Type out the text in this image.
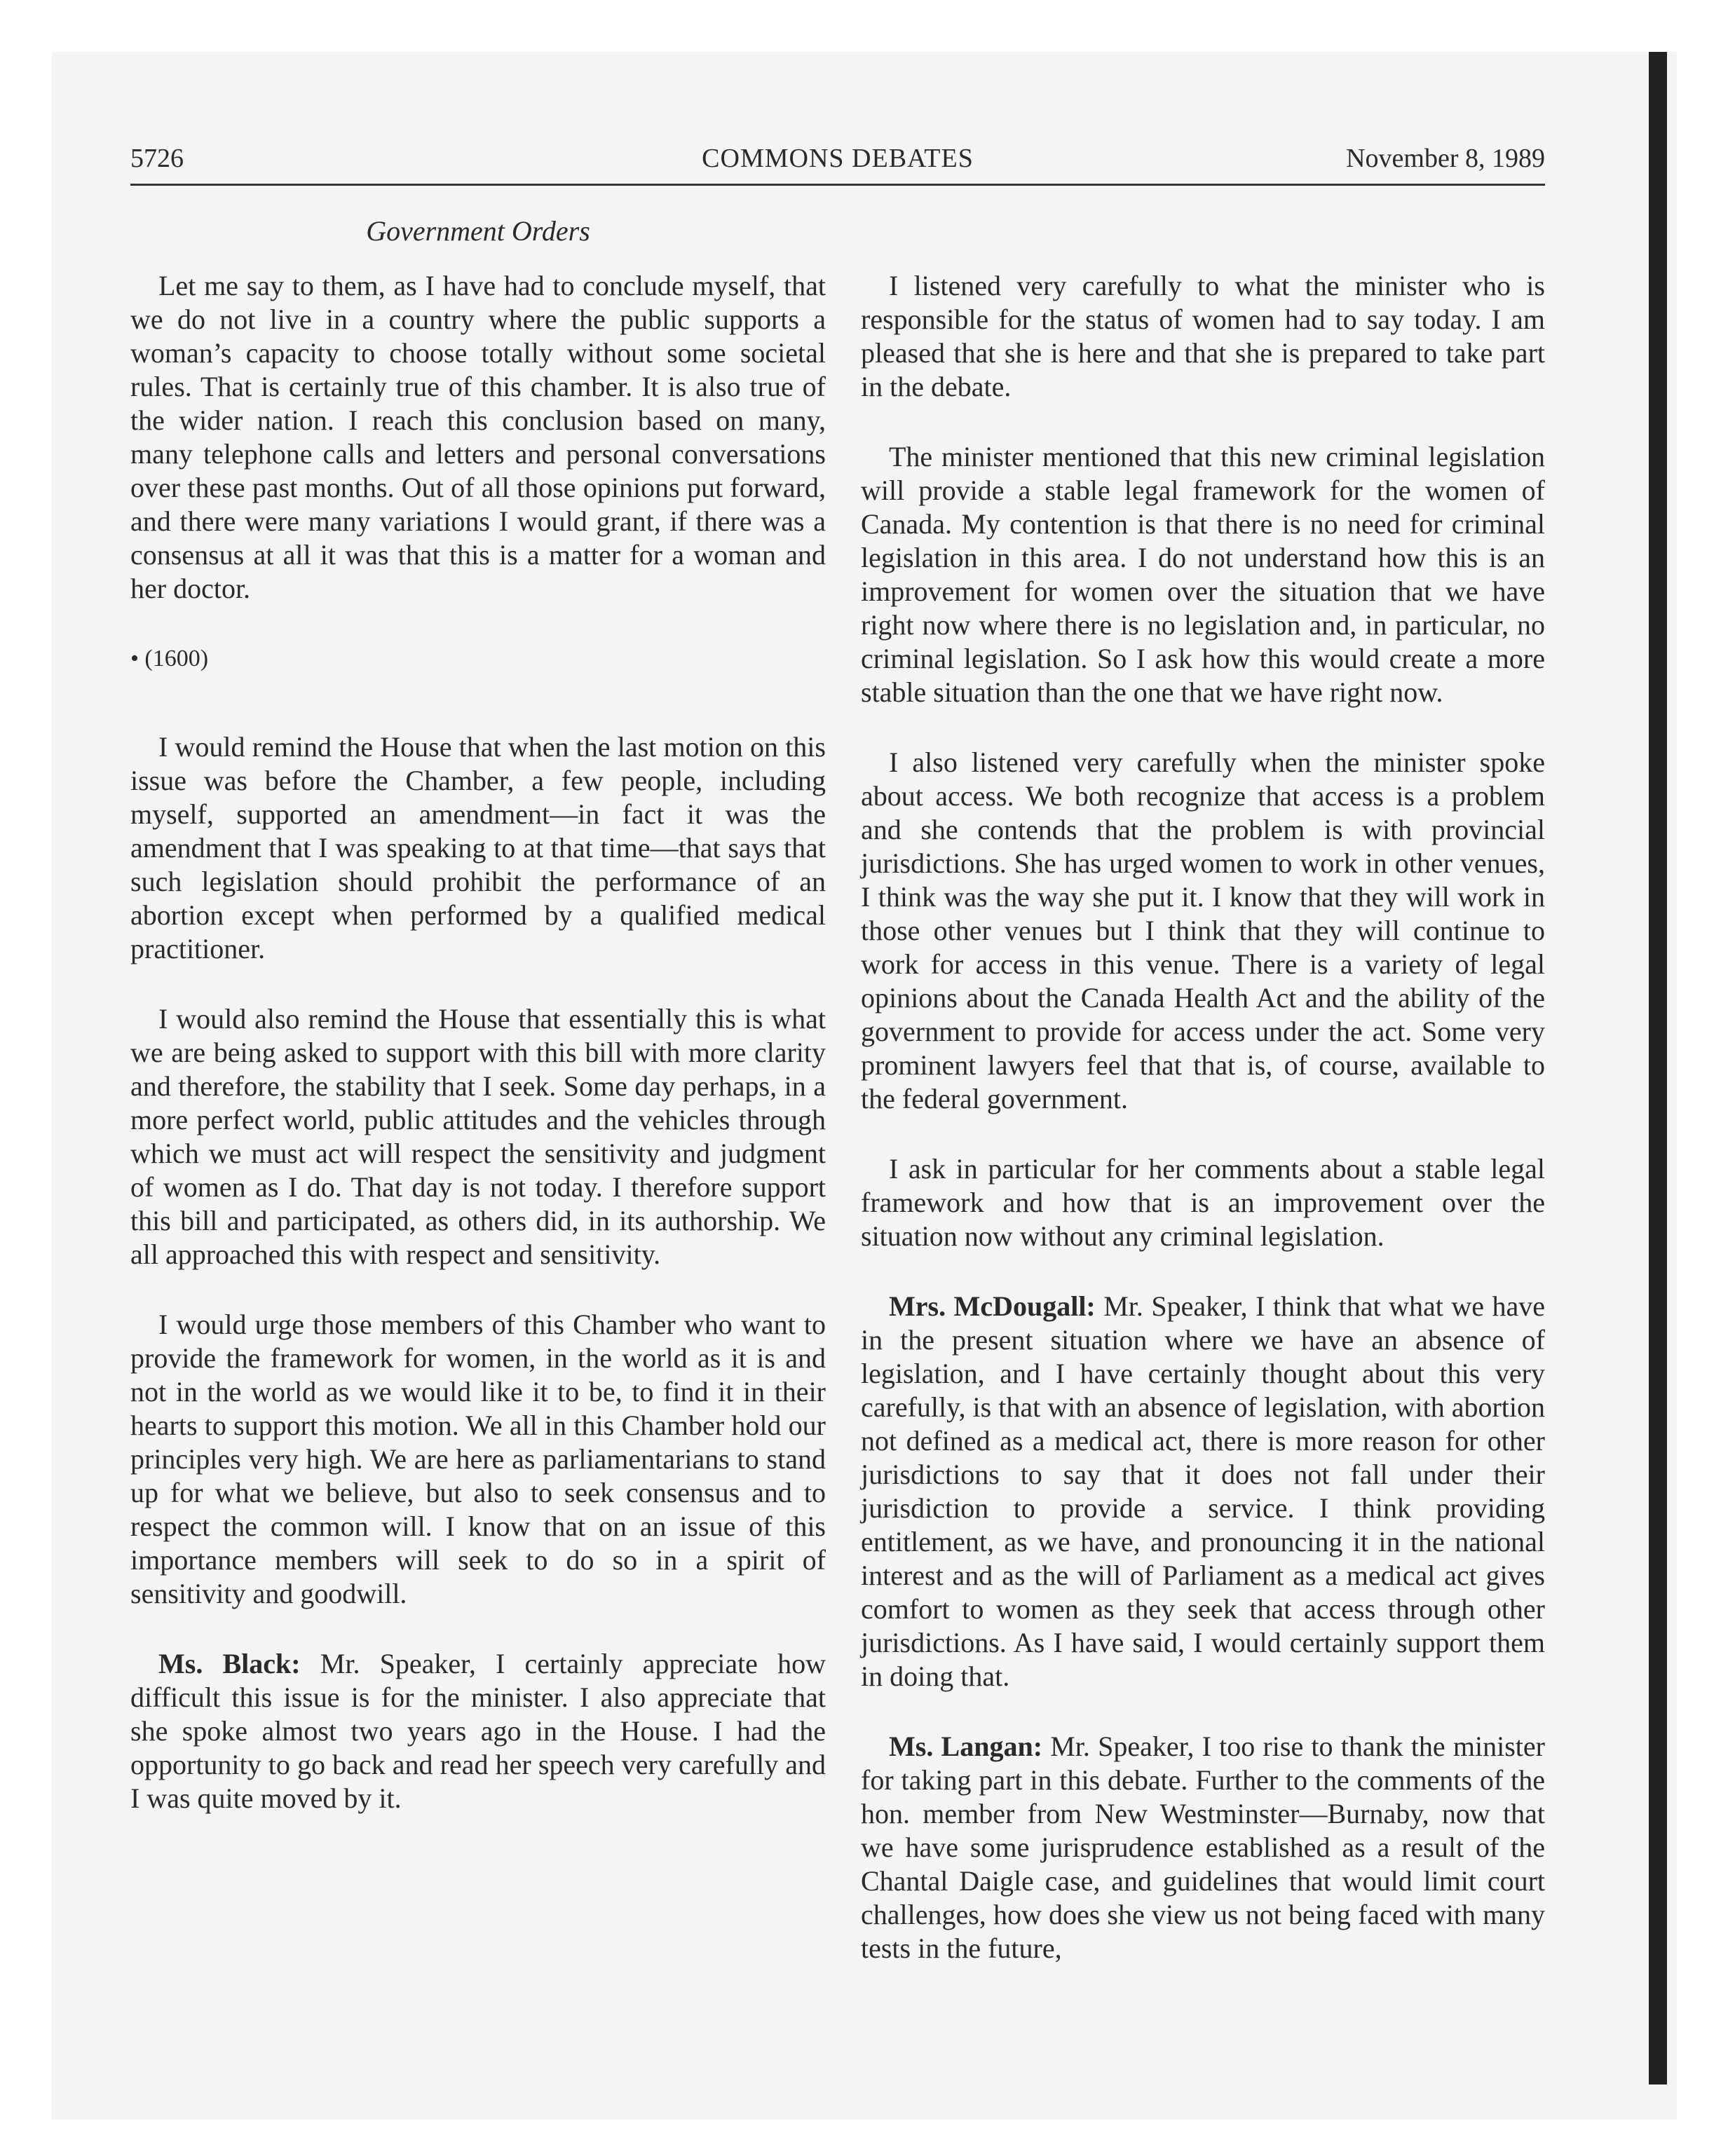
5726	COMMONS DEBATES	November 8, 1989
Government Orders

Let me say to them, as I have had to conclude myself, that we do not live in a country where the public supports a woman’s capacity to choose totally without some societal rules. That is certainly true of this chamber. It is also true of the wider nation. I reach this conclusion based on many, many telephone calls and letters and personal conversations over these past months. Out of all those opinions put forward, and there were many variations I would grant, if there was a consensus at all it was that this is a matter for a woman and her doctor.

• (1600)

I would remind the House that when the last motion on this issue was before the Chamber, a few people, including myself, supported an amendment—in fact it was the amendment that I was speaking to at that time—that says that such legislation should prohibit the performance of an abortion except when performed by a qualified medical practitioner.

I would also remind the House that essentially this is what we are being asked to support with this bill with more clarity and therefore, the stability that I seek. Some day perhaps, in a more perfect world, public attitudes and the vehicles through which we must act will respect the sensitivity and judgment of women as I do. That day is not today. I therefore support this bill and participated, as others did, in its authorship. We all approached this with respect and sensitivity.

I would urge those members of this Chamber who want to provide the framework for women, in the world as it is and not in the world as we would like it to be, to find it in their hearts to support this motion. We all in this Chamber hold our principles very high. We are here as parliamentarians to stand up for what we believe, but also to seek consensus and to respect the common will. I know that on an issue of this importance members will seek to do so in a spirit of sensitivity and goodwill.

Ms. Black: Mr. Speaker, I certainly appreciate how difficult this issue is for the minister. I also appreciate that she spoke almost two years ago in the House. I had the opportunity to go back and read her speech very carefully and I was quite moved by it.

I listened very carefully to what the minister who is responsible for the status of women had to say today. I am pleased that she is here and that she is prepared to take part in the debate.

The minister mentioned that this new criminal legislation will provide a stable legal framework for the women of Canada. My contention is that there is no need for criminal legislation in this area. I do not understand how this is an improvement for women over the situation that we have right now where there is no legislation and, in particular, no criminal legislation. So I ask how this would create a more stable situation than the one that we have right now.

I also listened very carefully when the minister spoke about access. We both recognize that access is a problem and she contends that the problem is with provincial jurisdictions. She has urged women to work in other venues, I think was the way she put it. I know that they will work in those other venues but I think that they will continue to work for access in this venue. There is a variety of legal opinions about the Canada Health Act and the ability of the government to provide for access under the act. Some very prominent lawyers feel that that is, of course, available to the federal government.

I ask in particular for her comments about a stable legal framework and how that is an improvement over the situation now without any criminal legislation.

Mrs. McDougall: Mr. Speaker, I think that what we have in the present situation where we have an absence of legislation, and I have certainly thought about this very carefully, is that with an absence of legislation, with abortion not defined as a medical act, there is more reason for other jurisdictions to say that it does not fall under their jurisdiction to provide a service. I think providing entitlement, as we have, and pronouncing it in the national interest and as the will of Parliament as a medical act gives comfort to women as they seek that access through other jurisdictions. As I have said, I would certainly support them in doing that.

Ms. Langan: Mr. Speaker, I too rise to thank the minister for taking part in this debate. Further to the comments of the hon. member from New Westminster—Burnaby, now that we have some jurisprudence established as a result of the Chantal Daigle case, and guidelines that would limit court challenges, how does she view us not being faced with many tests in the future,
